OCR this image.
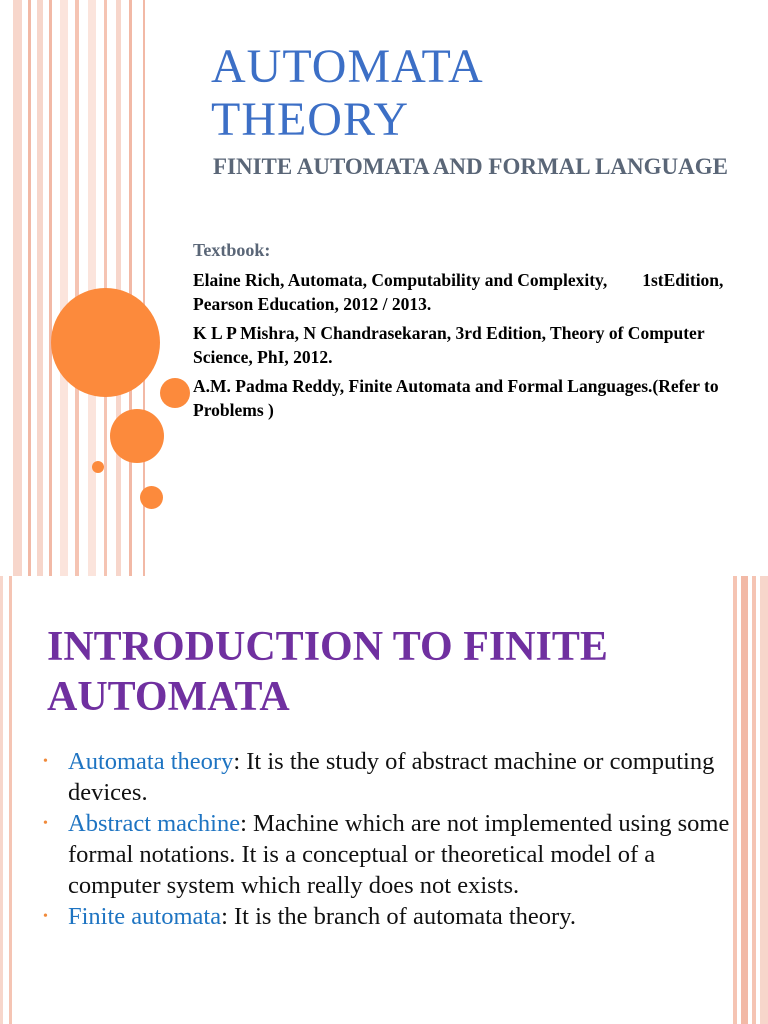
AUTOMATA
THEORY
FINITE AUTOMATA AND FORMAL LANGUAGE
Textbook:
Elaine Rich, Automata, Computability and Complexity,        1stEdition, Pearson Education, 2012 / 2013.
K L P Mishra, N Chandrasekaran, 3rd Edition, Theory of Computer Science, PhI, 2012.
A.M. Padma Reddy, Finite Automata and Formal Languages.(Refer to Problems )
INTRODUCTION TO FINITE AUTOMATA
• Automata theory: It is the study of abstract machine or computing devices.
• Abstract machine: Machine which are not implemented using some formal notations. It is a conceptual or theoretical model of a computer system which really does not exists.
• Finite automata: It is the branch of automata theory.
